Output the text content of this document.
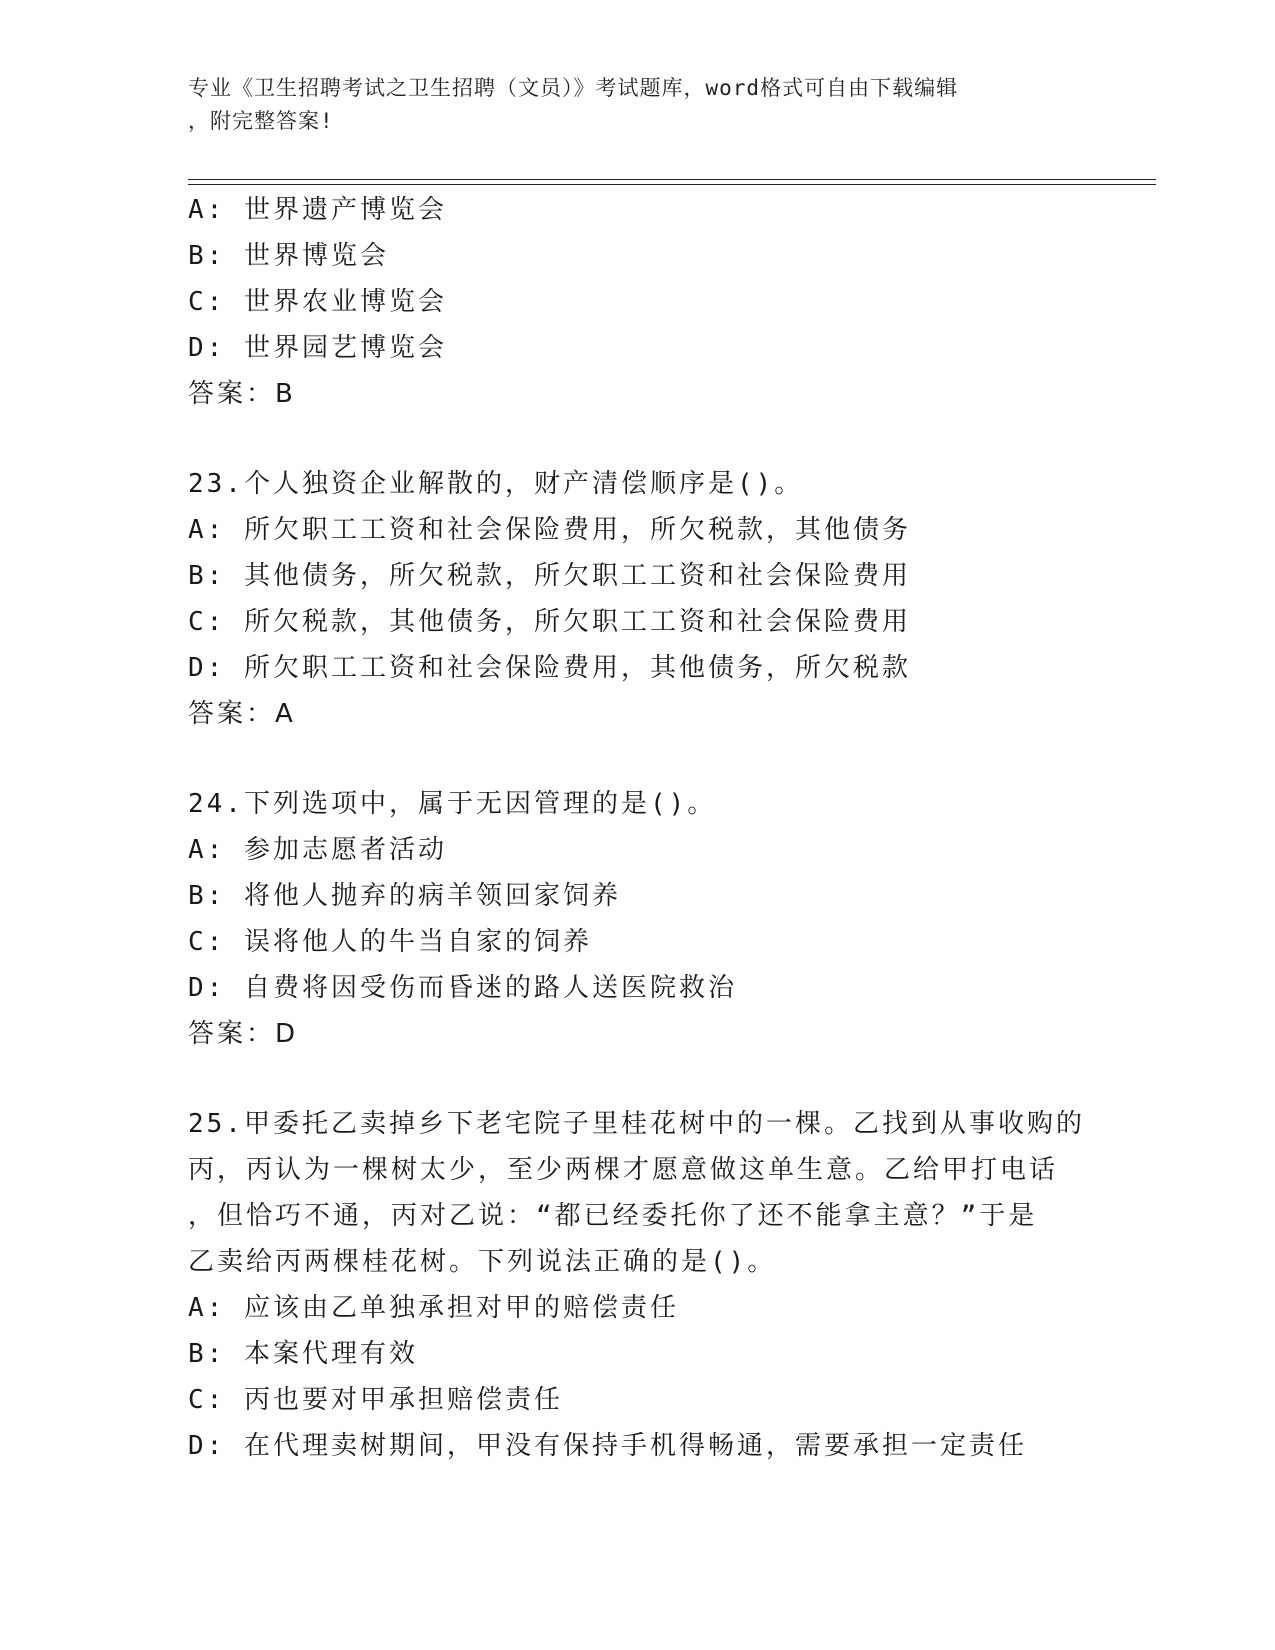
专业《卫生招聘考试之卫生招聘（文员）》考试题库，word格式可自由下载编辑
，附完整答案!
A: 世界遗产博览会
B: 世界博览会
C: 世界农业博览会
D: 世界园艺博览会
答案：B
23.个人独资企业解散的，财产清偿顺序是()。
A: 所欠职工工资和社会保险费用，所欠税款，其他债务
B: 其他债务，所欠税款，所欠职工工资和社会保险费用
C: 所欠税款，其他债务，所欠职工工资和社会保险费用
D: 所欠职工工资和社会保险费用，其他债务，所欠税款
答案：A
24.下列选项中，属于无因管理的是()。
A: 参加志愿者活动
B: 将他人抛弃的病羊领回家饲养
C: 误将他人的牛当自家的饲养
D: 自费将因受伤而昏迷的路人送医院救治
答案：D
25.甲委托乙卖掉乡下老宅院子里桂花树中的一棵。乙找到从事收购的
丙，丙认为一棵树太少，至少两棵才愿意做这单生意。乙给甲打电话
，但恰巧不通，丙对乙说：“都已经委托你了还不能拿主意？”于是
乙卖给丙两棵桂花树。下列说法正确的是()。
A: 应该由乙单独承担对甲的赔偿责任
B: 本案代理有效
C: 丙也要对甲承担赔偿责任
D: 在代理卖树期间，甲没有保持手机得畅通，需要承担一定责任
